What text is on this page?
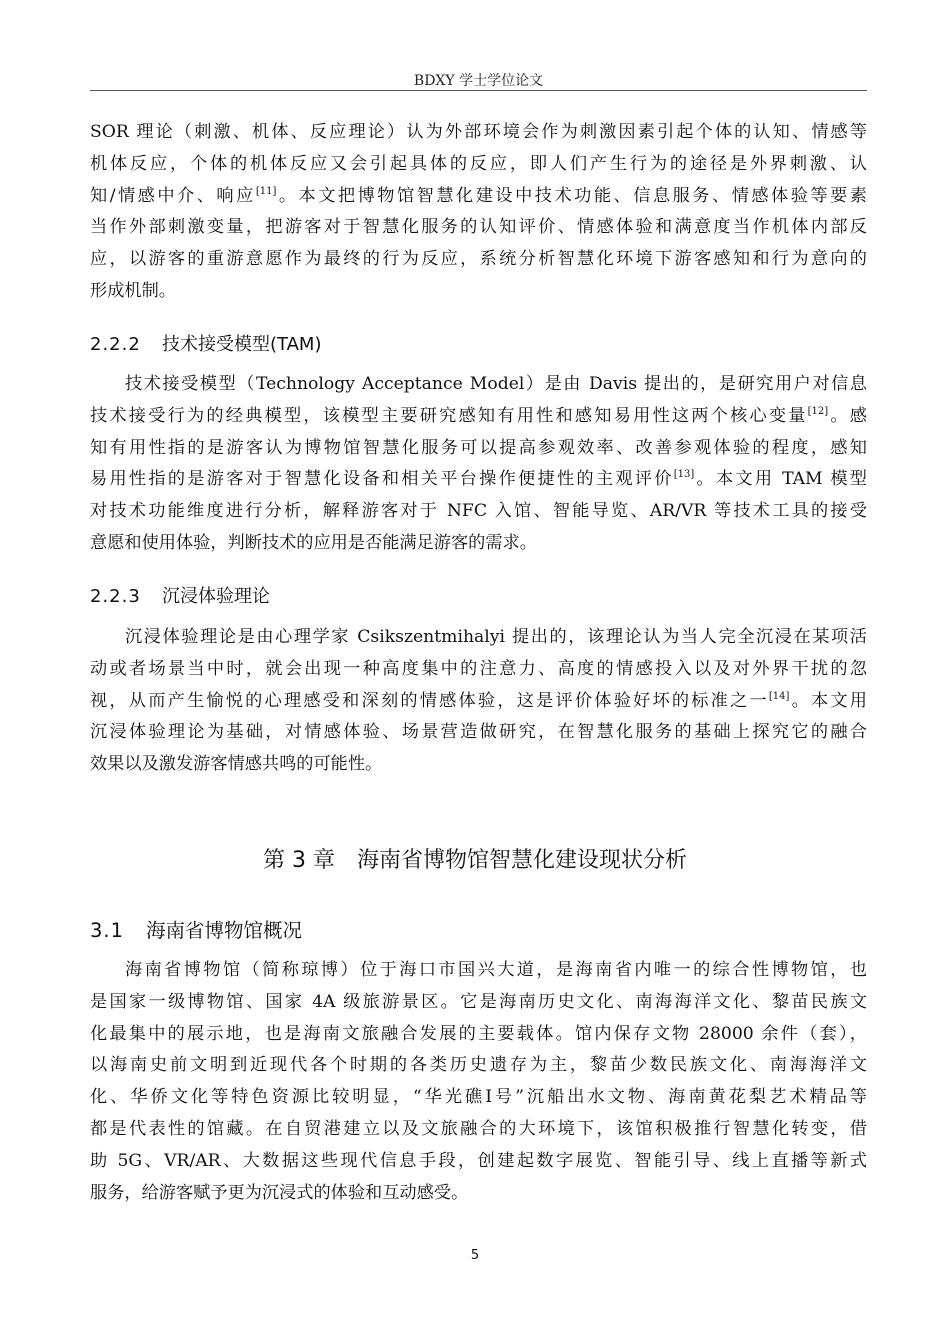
BDXY 学士学位论文
SOR 理论（刺激、机体、反应理论）认为外部环境会作为刺激因素引起个体的认知、情感等
机体反应，个体的机体反应又会引起具体的反应，即人们产生行为的途径是外界刺激、认
知/情感中介、响应[11]。本文把博物馆智慧化建设中技术功能、信息服务、情感体验等要素
当作外部刺激变量，把游客对于智慧化服务的认知评价、情感体验和满意度当作机体内部反
应，以游客的重游意愿作为最终的行为反应，系统分析智慧化环境下游客感知和行为意向的
形成机制。
2.2.2 技术接受模型(TAM)
技术接受模型（Technology Acceptance Model）是由 Davis 提出的，是研究用户对信息
技术接受行为的经典模型，该模型主要研究感知有用性和感知易用性这两个核心变量[12]。感
知有用性指的是游客认为博物馆智慧化服务可以提高参观效率、改善参观体验的程度，感知
易用性指的是游客对于智慧化设备和相关平台操作便捷性的主观评价[13]。本文用 TAM 模型
对技术功能维度进行分析，解释游客对于 NFC 入馆、智能导览、AR/VR 等技术工具的接受
意愿和使用体验，判断技术的应用是否能满足游客的需求。
2.2.3 沉浸体验理论
沉浸体验理论是由心理学家 Csikszentmihalyi 提出的，该理论认为当人完全沉浸在某项活
动或者场景当中时，就会出现一种高度集中的注意力、高度的情感投入以及对外界干扰的忽
视，从而产生愉悦的心理感受和深刻的情感体验，这是评价体验好坏的标准之一[14]。本文用
沉浸体验理论为基础，对情感体验、场景营造做研究，在智慧化服务的基础上探究它的融合
效果以及激发游客情感共鸣的可能性。
第 3 章 海南省博物馆智慧化建设现状分析
3.1 海南省博物馆概况
海南省博物馆（简称琼博）位于海口市国兴大道，是海南省内唯一的综合性博物馆，也
是国家一级博物馆、国家 4A 级旅游景区。它是海南历史文化、南海海洋文化、黎苗民族文
化最集中的展示地，也是海南文旅融合发展的主要载体。馆内保存文物 28000 余件（套），
以海南史前文明到近现代各个时期的各类历史遗存为主，黎苗少数民族文化、南海海洋文
化、华侨文化等特色资源比较明显，“华光礁Ⅰ号”沉船出水文物、海南黄花梨艺术精品等
都是代表性的馆藏。在自贸港建立以及文旅融合的大环境下，该馆积极推行智慧化转变，借
助 5G、VR/AR、大数据这些现代信息手段，创建起数字展览、智能引导、线上直播等新式
服务，给游客赋予更为沉浸式的体验和互动感受。
5
